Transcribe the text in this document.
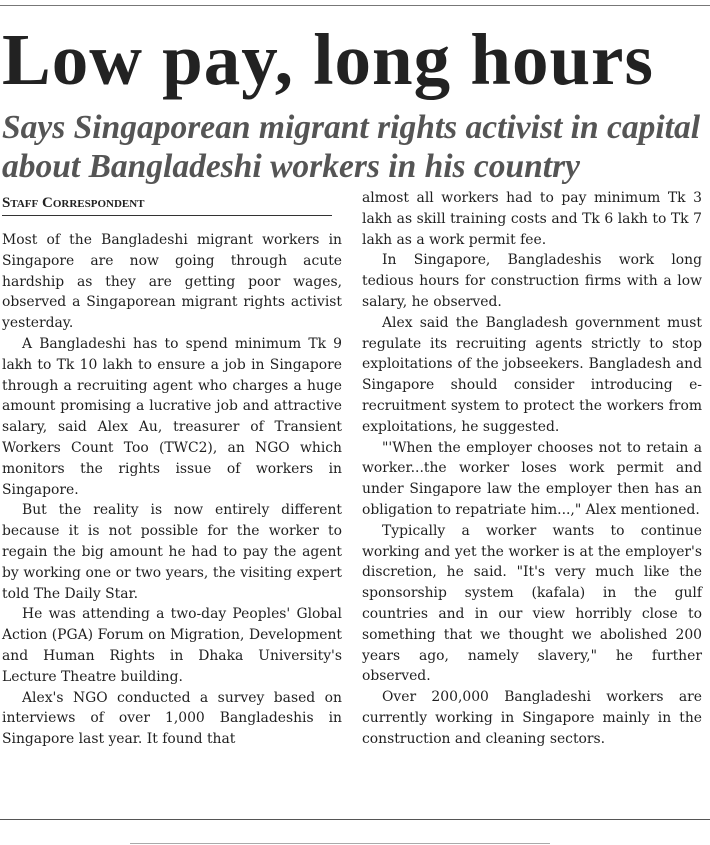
Low pay, long hours
Says Singaporean migrant rights activist in capital
about Bangladeshi workers in his country
Staff Correspondent

Most of the Bangladeshi migrant workers in Singapore are now going through acute hardship as they are getting poor wages, observed a Singaporean migrant rights activist yesterday.

A Bangladeshi has to spend minimum Tk 9 lakh to Tk 10 lakh to ensure a job in Singapore through a recruiting agent who charges a huge amount promising a lucrative job and attractive salary, said Alex Au, treasurer of Transient Workers Count Too (TWC2), an NGO which monitors the rights issue of workers in Singapore.

But the reality is now entirely different because it is not possible for the worker to regain the big amount he had to pay the agent by working one or two years, the visiting expert told The Daily Star.

He was attending a two-day Peoples' Global Action (PGA) Forum on Migration, Development and Human Rights in Dhaka University's Lecture Theatre building.

Alex's NGO conducted a survey based on interviews of over 1,000 Bangladeshis in Singapore last year. It found that

almost all workers had to pay minimum Tk 3 lakh as skill training costs and Tk 6 lakh to Tk 7 lakh as a work permit fee.

In Singapore, Bangladeshis work long tedious hours for construction firms with a low salary, he observed.

Alex said the Bangladesh government must regulate its recruiting agents strictly to stop exploitations of the jobseekers. Bangladesh and Singapore should consider introducing e-recruitment system to protect the workers from exploitations, he suggested.

"'When the employer chooses not to retain a worker...the worker loses work permit and under Singapore law the employer then has an obligation to repatriate him...," Alex mentioned.

Typically a worker wants to continue working and yet the worker is at the employer's discretion, he said. "It's very much like the sponsorship system (kafala) in the gulf countries and in our view horribly close to something that we thought we abolished 200 years ago, namely slavery," he further observed.

Over 200,000 Bangladeshi workers are currently working in Singapore mainly in the construction and cleaning sectors.
